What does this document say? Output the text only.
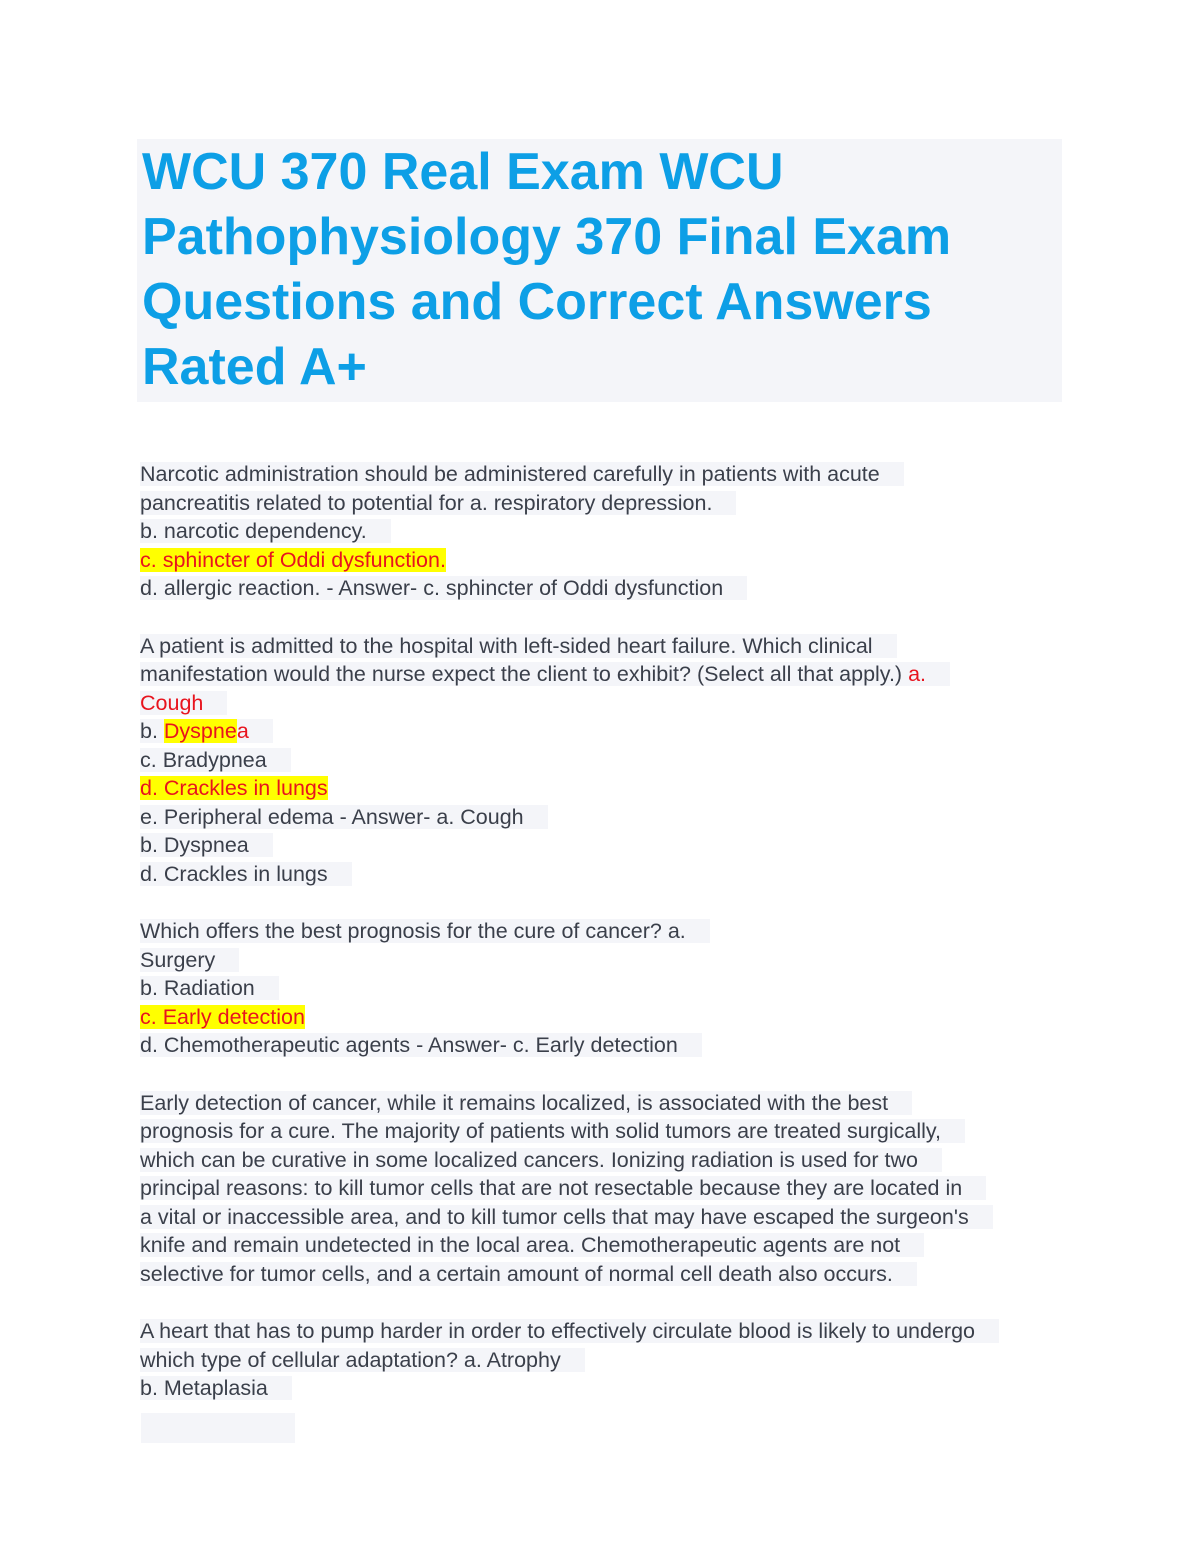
WCU 370 Real Exam WCU Pathophysiology 370 Final Exam Questions and Correct Answers Rated A+
Narcotic administration should be administered carefully in patients with acute
pancreatitis related to potential for a. respiratory depression.
b. narcotic dependency.
c. sphincter of Oddi dysfunction.
d. allergic reaction. - Answer- c. sphincter of Oddi dysfunction
A patient is admitted to the hospital with left-sided heart failure. Which clinical
manifestation would the nurse expect the client to exhibit? (Select all that apply.) a.
Cough
b. Dyspnea
c. Bradypnea
d. Crackles in lungs
e. Peripheral edema - Answer- a. Cough
b. Dyspnea
d. Crackles in lungs
Which offers the best prognosis for the cure of cancer? a.
Surgery
b. Radiation
c. Early detection
d. Chemotherapeutic agents - Answer- c. Early detection
Early detection of cancer, while it remains localized, is associated with the best
prognosis for a cure. The majority of patients with solid tumors are treated surgically,
which can be curative in some localized cancers. Ionizing radiation is used for two
principal reasons: to kill tumor cells that are not resectable because they are located in
a vital or inaccessible area, and to kill tumor cells that may have escaped the surgeon's
knife and remain undetected in the local area. Chemotherapeutic agents are not
selective for tumor cells, and a certain amount of normal cell death also occurs.
A heart that has to pump harder in order to effectively circulate blood is likely to undergo
which type of cellular adaptation? a. Atrophy
b. Metaplasia
